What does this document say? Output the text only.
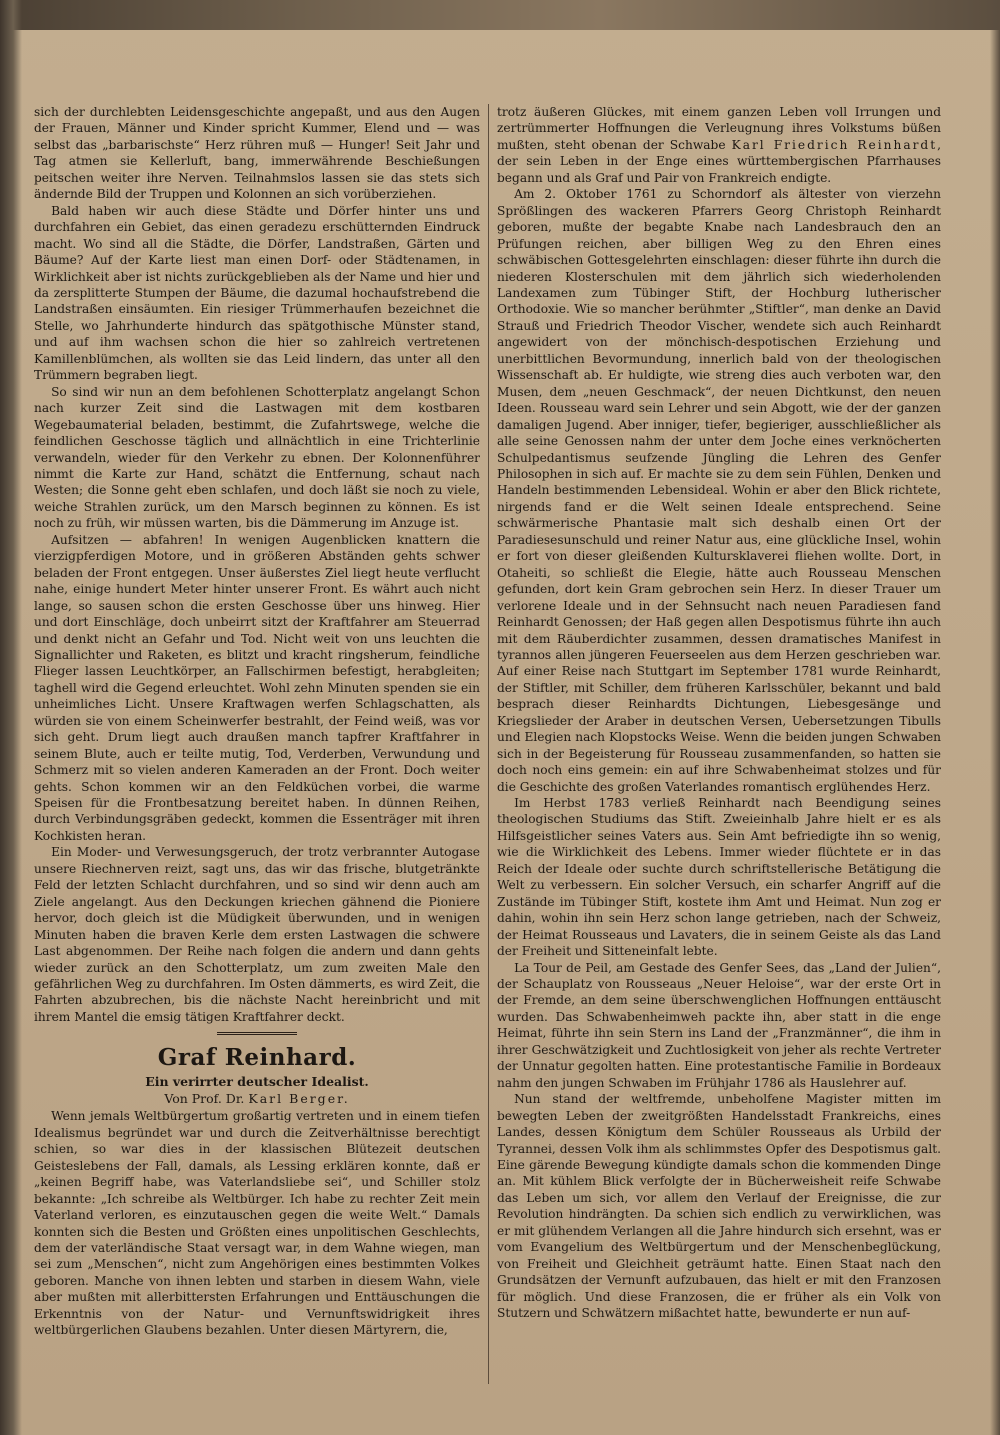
sich der durchlebten Leidensgeschichte angepaßt, und aus den Augen der Frauen, Männer und Kinder spricht Kummer, Elend und — was selbst das „barbarischste“ Herz rühren muß — Hunger! Seit Jahr und Tag atmen sie Kellerluft, bang, immerwährende Beschießungen peitschen weiter ihre Nerven. Teilnahmslos lassen sie das stets sich ändernde Bild der Truppen und Kolonnen an sich vorüberziehen.

Bald haben wir auch diese Städte und Dörfer hinter uns und durchfahren ein Gebiet, das einen geradezu erschütternden Eindruck macht. Wo sind all die Städte, die Dörfer, Landstraßen, Gärten und Bäume? Auf der Karte liest man einen Dorf- oder Städtenamen, in Wirklichkeit aber ist nichts zurückgeblieben als der Name und hier und da zersplitterte Stumpen der Bäume, die dazumal hochaufstrebend die Landstraßen einsäumten. Ein riesiger Trümmerhaufen bezeichnet die Stelle, wo Jahrhunderte hindurch das spätgothische Münster stand, und auf ihm wachsen schon die hier so zahlreich vertretenen Kamillenblümchen, als wollten sie das Leid lindern, das unter all den Trümmern begraben liegt.

So sind wir nun an dem befohlenen Schotterplatz angelangt Schon nach kurzer Zeit sind die Lastwagen mit dem kostbaren Wegebaumaterial beladen, bestimmt, die Zufahrtswege, welche die feindlichen Geschosse täglich und allnächtlich in eine Trichterlinie verwandeln, wieder für den Verkehr zu ebnen. Der Kolonnenführer nimmt die Karte zur Hand, schätzt die Entfernung, schaut nach Westen; die Sonne geht eben schlafen, und doch läßt sie noch zu viele, weiche Strahlen zurück, um den Marsch beginnen zu können. Es ist noch zu früh, wir müssen warten, bis die Dämmerung im Anzuge ist.

Aufsitzen — abfahren! In wenigen Augenblicken knattern die vierzigpferdigen Motore, und in größeren Abständen gehts schwer beladen der Front entgegen. Unser äußerstes Ziel liegt heute verflucht nahe, einige hundert Meter hinter unserer Front. Es währt auch nicht lange, so sausen schon die ersten Geschosse über uns hinweg. Hier und dort Einschläge, doch unbeirrt sitzt der Kraftfahrer am Steuerrad und denkt nicht an Gefahr und Tod. Nicht weit von uns leuchten die Signallichter und Raketen, es blitzt und kracht ringsherum, feindliche Flieger lassen Leuchtkörper, an Fallschirmen befestigt, herabgleiten; taghell wird die Gegend erleuchtet. Wohl zehn Minuten spenden sie ein unheimliches Licht. Unsere Kraftwagen werfen Schlagschatten, als würden sie von einem Scheinwerfer bestrahlt, der Feind weiß, was vor sich geht. Drum liegt auch draußen manch tapfrer Kraftfahrer in seinem Blute, auch er teilte mutig, Tod, Verderben, Verwundung und Schmerz mit so vielen anderen Kameraden an der Front. Doch weiter gehts. Schon kommen wir an den Feldküchen vorbei, die warme Speisen für die Frontbesatzung bereitet haben. In dünnen Reihen, durch Verbindungsgräben gedeckt, kommen die Essenträger mit ihren Kochkisten heran.

Ein Moder- und Verwesungsgeruch, der trotz verbrannter Autogase unsere Riechnerven reizt, sagt uns, das wir das frische, blutgetränkte Feld der letzten Schlacht durchfahren, und so sind wir denn auch am Ziele angelangt. Aus den Deckungen kriechen gähnend die Pioniere hervor, doch gleich ist die Müdigkeit überwunden, und in wenigen Minuten haben die braven Kerle dem ersten Lastwagen die schwere Last abgenommen. Der Reihe nach folgen die andern und dann gehts wieder zurück an den Schotterplatz, um zum zweiten Male den gefährlichen Weg zu durchfahren. Im Osten dämmerts, es wird Zeit, die Fahrten abzubrechen, bis die nächste Nacht hereinbricht und mit ihrem Mantel die emsig tätigen Kraftfahrer deckt.

Graf Reinhard.
Ein verirrter deutscher Idealist.
Von Prof. Dr. Karl Berger.

Wenn jemals Weltbürgertum großartig vertreten und in einem tiefen Idealismus begründet war und durch die Zeitverhältnisse berechtigt schien, so war dies in der klassischen Blütezeit deutschen Geisteslebens der Fall, damals, als Lessing erklären konnte, daß er „keinen Begriff habe, was Vaterlandsliebe sei“, und Schiller stolz bekannte: „Ich schreibe als Weltbürger. Ich habe zu rechter Zeit mein Vaterland verloren, es einzutauschen gegen die weite Welt.“ Damals konnten sich die Besten und Größten eines unpolitischen Geschlechts, dem der vaterländische Staat versagt war, in dem Wahne wiegen, man sei zum „Menschen“, nicht zum Angehörigen eines bestimmten Volkes geboren. Manche von ihnen lebten und starben in diesem Wahn, viele aber mußten mit allerbittersten Erfahrungen und Enttäuschungen die Erkenntnis von der Natur- und Vernunftswidrigkeit ihres weltbürgerlichen Glaubens bezahlen. Unter diesen Märtyrern, die,

trotz äußeren Glückes, mit einem ganzen Leben voll Irrungen und zertrümmerter Hoffnungen die Verleugnung ihres Volkstums büßen mußten, steht obenan der Schwabe Karl Friedrich Reinhardt, der sein Leben in der Enge eines württembergischen Pfarrhauses begann und als Graf und Pair von Frankreich endigte.

Am 2. Oktober 1761 zu Schorndorf als ältester von vierzehn Sprößlingen des wackeren Pfarrers Georg Christoph Reinhardt geboren, mußte der begabte Knabe nach Landesbrauch den an Prüfungen reichen, aber billigen Weg zu den Ehren eines schwäbischen Gottesgelehrten einschlagen: dieser führte ihn durch die niederen Klosterschulen mit dem jährlich sich wiederholenden Landexamen zum Tübinger Stift, der Hochburg lutherischer Orthodoxie. Wie so mancher berühmter „Stiftler“, man denke an David Strauß und Friedrich Theodor Vischer, wendete sich auch Reinhardt angewidert von der mönchisch-despotischen Erziehung und unerbittlichen Bevormundung, innerlich bald von der theologischen Wissenschaft ab. Er huldigte, wie streng dies auch verboten war, den Musen, dem „neuen Geschmack“, der neuen Dichtkunst, den neuen Ideen. Rousseau ward sein Lehrer und sein Abgott, wie der der ganzen damaligen Jugend. Aber inniger, tiefer, begieriger, ausschließlicher als alle seine Genossen nahm der unter dem Joche eines verknöcherten Schulpedantismus seufzende Jüngling die Lehren des Genfer Philosophen in sich auf. Er machte sie zu dem sein Fühlen, Denken und Handeln bestimmenden Lebensideal. Wohin er aber den Blick richtete, nirgends fand er die Welt seinen Ideale entsprechend. Seine schwärmerische Phantasie malt sich deshalb einen Ort der Paradiesesunschuld und reiner Natur aus, eine glückliche Insel, wohin er fort von dieser gleißenden Kultursklaverei fliehen wollte. Dort, in Otaheiti, so schließt die Elegie, hätte auch Rousseau Menschen gefunden, dort kein Gram gebrochen sein Herz. In dieser Trauer um verlorene Ideale und in der Sehnsucht nach neuen Paradiesen fand Reinhardt Genossen; der Haß gegen allen Despotismus führte ihn auch mit dem Räuberdichter zusammen, dessen dramatisches Manifest in tyrannos allen jüngeren Feuerseelen aus dem Herzen geschrieben war. Auf einer Reise nach Stuttgart im September 1781 wurde Reinhardt, der Stiftler, mit Schiller, dem früheren Karlsschüler, bekannt und bald besprach dieser Reinhardts Dichtungen, Liebesgesänge und Kriegslieder der Araber in deutschen Versen, Uebersetzungen Tibulls und Elegien nach Klopstocks Weise. Wenn die beiden jungen Schwaben sich in der Begeisterung für Rousseau zusammenfanden, so hatten sie doch noch eins gemein: ein auf ihre Schwabenheimat stolzes und für die Geschichte des großen Vaterlandes romantisch erglühendes Herz.

Im Herbst 1783 verließ Reinhardt nach Beendigung seines theologischen Studiums das Stift. Zweieinhalb Jahre hielt er es als Hilfsgeistlicher seines Vaters aus. Sein Amt befriedigte ihn so wenig, wie die Wirklichkeit des Lebens. Immer wieder flüchtete er in das Reich der Ideale oder suchte durch schriftstellerische Betätigung die Welt zu verbessern. Ein solcher Versuch, ein scharfer Angriff auf die Zustände im Tübinger Stift, kostete ihm Amt und Heimat. Nun zog er dahin, wohin ihn sein Herz schon lange getrieben, nach der Schweiz, der Heimat Rousseaus und Lavaters, die in seinem Geiste als das Land der Freiheit und Sitteneinfalt lebte.

La Tour de Peil, am Gestade des Genfer Sees, das „Land der Julien“, der Schauplatz von Rousseaus „Neuer Heloise“, war der erste Ort in der Fremde, an dem seine überschwenglichen Hoffnungen enttäuscht wurden. Das Schwabenheimweh packte ihn, aber statt in die enge Heimat, führte ihn sein Stern ins Land der „Franzmänner“, die ihm in ihrer Geschwätzigkeit und Zuchtlosigkeit von jeher als rechte Vertreter der Unnatur gegolten hatten. Eine protestantische Familie in Bordeaux nahm den jungen Schwaben im Frühjahr 1786 als Hauslehrer auf.

Nun stand der weltfremde, unbeholfene Magister mitten im bewegten Leben der zweitgrößten Handelsstadt Frankreichs, eines Landes, dessen Königtum dem Schüler Rousseaus als Urbild der Tyrannei, dessen Volk ihm als schlimmstes Opfer des Despotismus galt. Eine gärende Bewegung kündigte damals schon die kommenden Dinge an. Mit kühlem Blick verfolgte der in Bücherweisheit reife Schwabe das Leben um sich, vor allem den Verlauf der Ereignisse, die zur Revolution hindrängten. Da schien sich endlich zu verwirklichen, was er mit glühendem Verlangen all die Jahre hindurch sich ersehnt, was er vom Evangelium des Weltbürgertum und der Menschenbeglückung, von Freiheit und Gleichheit geträumt hatte. Einen Staat nach den Grundsätzen der Vernunft aufzubauen, das hielt er mit den Franzosen für möglich. Und diese Franzosen, die er früher als ein Volk von Stutzern und Schwätzern mißachtet hatte, bewunderte er nun auf-
